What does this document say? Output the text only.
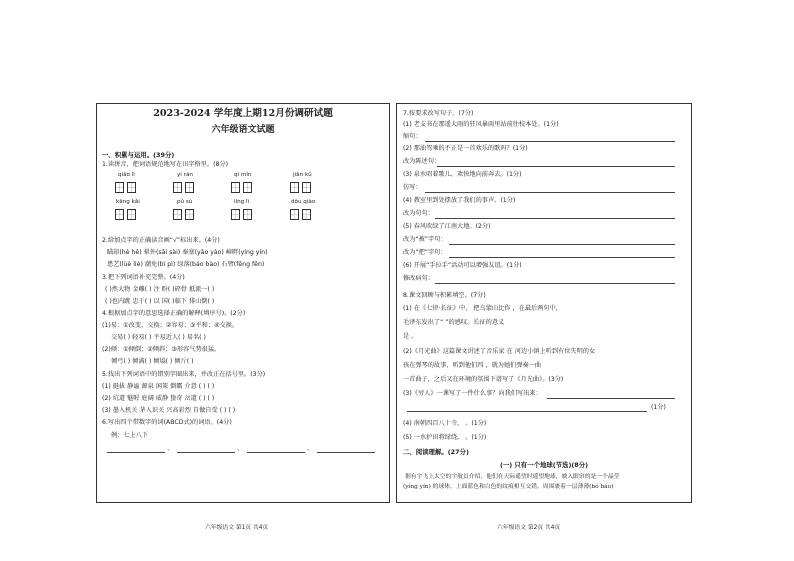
2023-2024 学年度上期12月份调研试题
六年级语文试题
一、积累与运用。(39分)
1.读拼音，把词语规范地写在田字格里。(8分)
qiāo lì	yí rán	qì mǐn	jiān kǔ
kāng kǎi	pǔ sù	líng lì	dǒu qiào
2.给加点字的正确读音画“√”标出来。(4分)
瞄却(hè hē) 晕外(sāi sài) 秦塞(yāo yào) 嶂畔(yíng yín)
患艺(lüè liè) 潮免(bì pì) 绿落(báo bào) 石臂(fēng fěn)
3.把下列词语补充完整。(4分)
( )然大物 金雕( ) 注 粉( )碎骨 抵流一( )
( )也内跳 忠于( ) 以 国( )临下 排山倒( )
4.根据加点字的意思选择正确的解释(填序号)。(2分)
(1)易：①改变，交换；②容易；③平和；④交换。
交易( ) 轻易( ) 平易近人( ) 易名( )
(2)倾：①倾倒；②倾斜；③形容气势很猛。
倾弓( ) 倾满( ) 倾塌( ) 倾斤( )
5.找出下列词语中的错别字圈出来，并改正在括号里。(3分)
(1) 挺拔 静谧 源泉 闲策 倒霸 介意 ( ) ( )
(2) 坑道 魅喔 庭阔 威静 蛰奇 岔道 ( ) ( )
(3) 墨入机关 茅入识关 兴高彩烈 自做自受 ( ) ( )
6.写出四个带数字的词(ABCD式)的词语。(4分)
例：七上八下
、	、	、
六年级语文 第1页 共4页
7.按要求改写句子。(7分)
(1) 老支书在那遥大雨的狂风暴雨里站前往校本处。(1分)
缩句：
(2) 那油驾乘的不正是一首欢乐的歌吗？(1分)
改为陈述句：
(3) 泉水唱着歌儿，欢快地向前奔去。(1分)
仿写：
(4) 教室里到处摆放了我们的事声。(1分)
改为句句：
(5) 春风吹绿了江南大地。(2分)
改为“被”字句：
改为“把”字句：
(6) 开展“手拉手”活动可以增强友谊。(1分)
修改病句：
8.课文回顾与积累填空。(7分)
(1) 在《七律·长征》中， 把乌蒙山比作 ，在最后两句中，
毛泽东发出了“ ”的感叹。长征的意义
是 。
(2)《月光曲》这篇课文讲述了音乐家 在 河边小镇上听到有位失明的女
孩在弹琴的故事，听到他们四 ，就为她们弹奏一曲
一首曲子，之后又在环境的氛围下谱写了《月光曲》。(3分)
(3)《穷人》一课写了一件什么事？向我们写出来：
(1分)
(4) 南朝四百八十寺， 。(1分)
(5) 一水护田将绿绕， 。(1分)
二、阅读理解。(27分)
(一) 只有一个地球(节选)(8分)
据有宇飞上太空的宇航员介绍，他们在天际遥望时遥望地球，映入眼帘的是一个晶莹
(yíng yín) 的球体，上面蓝色和白色的纹痕相互交错，周围裹着一层薄薄(bó báo)
六年级语文 第2页 共4页
